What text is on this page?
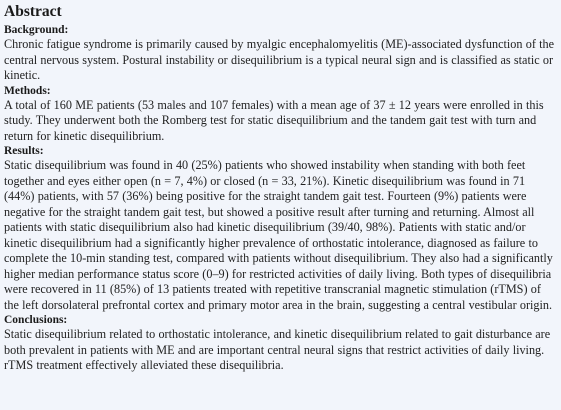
Abstract

Background:

Chronic fatigue syndrome is primarily caused by myalgic encephalomyelitis (ME)-associated dysfunction of the central nervous system. Postural instability or disequilibrium is a typical neural sign and is classified as static or kinetic.

Methods:

A total of 160 ME patients (53 males and 107 females) with a mean age of 37 ± 12 years were enrolled in this study. They underwent both the Romberg test for static disequilibrium and the tandem gait test with turn and return for kinetic disequilibrium.

Results:

Static disequilibrium was found in 40 (25%) patients who showed instability when standing with both feet together and eyes either open (n = 7, 4%) or closed (n = 33, 21%). Kinetic disequilibrium was found in 71 (44%) patients, with 57 (36%) being positive for the straight tandem gait test. Fourteen (9%) patients were negative for the straight tandem gait test, but showed a positive result after turning and returning. Almost all patients with static disequilibrium also had kinetic disequilibrium (39/40, 98%). Patients with static and/or kinetic disequilibrium had a significantly higher prevalence of orthostatic intolerance, diagnosed as failure to complete the 10-min standing test, compared with patients without disequilibrium. They also had a significantly higher median performance status score (0–9) for restricted activities of daily living. Both types of disequilibria were recovered in 11 (85%) of 13 patients treated with repetitive transcranial magnetic stimulation (rTMS) of the left dorsolateral prefrontal cortex and primary motor area in the brain, suggesting a central vestibular origin.

Conclusions:

Static disequilibrium related to orthostatic intolerance, and kinetic disequilibrium related to gait disturbance are both prevalent in patients with ME and are important central neural signs that restrict activities of daily living. rTMS treatment effectively alleviated these disequilibria.
